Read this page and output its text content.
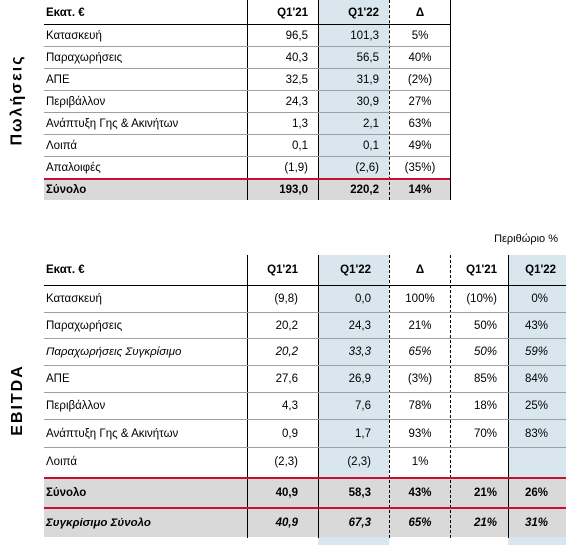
Πωλήσεις
EBITDA
Εκατ. €	Q1'21	Q1'22	Δ
Κατασκευή	96,5	101,3	5%
Παραχωρήσεις	40,3	56,5	40%
ΑΠΕ	32,5	31,9	(2%)
Περιβάλλον	24,3	30,9	27%
Ανάπτυξη Γης & Ακινήτων	1,3	2,1	63%
Λοιπά	0,1	0,1	49%
Απαλοιφές	(1,9)	(2,6)	(35%)
Σύνολο	193,0	220,2	14%
Περιθώριο %
Εκατ. €	Q1'21	Q1'22	Δ	Q1'21	Q1'22
Κατασκευή	(9,8)	0,0	100%	(10%)	0%
Παραχωρήσεις	20,2	24,3	21%	50%	43%
Παραχωρήσεις Συγκρίσιμο	20,2	33,3	65%	50%	59%
ΑΠΕ	27,6	26,9	(3%)	85%	84%
Περιβάλλον	4,3	7,6	78%	18%	25%
Ανάπτυξη Γης & Ακινήτων	0,9	1,7	93%	70%	83%
Λοιπά	(2,3)	(2,3)	1%
Σύνολο	40,9	58,3	43%	21%	26%
Συγκρίσιμο Σύνολο	40,9	67,3	65%	21%	31%
